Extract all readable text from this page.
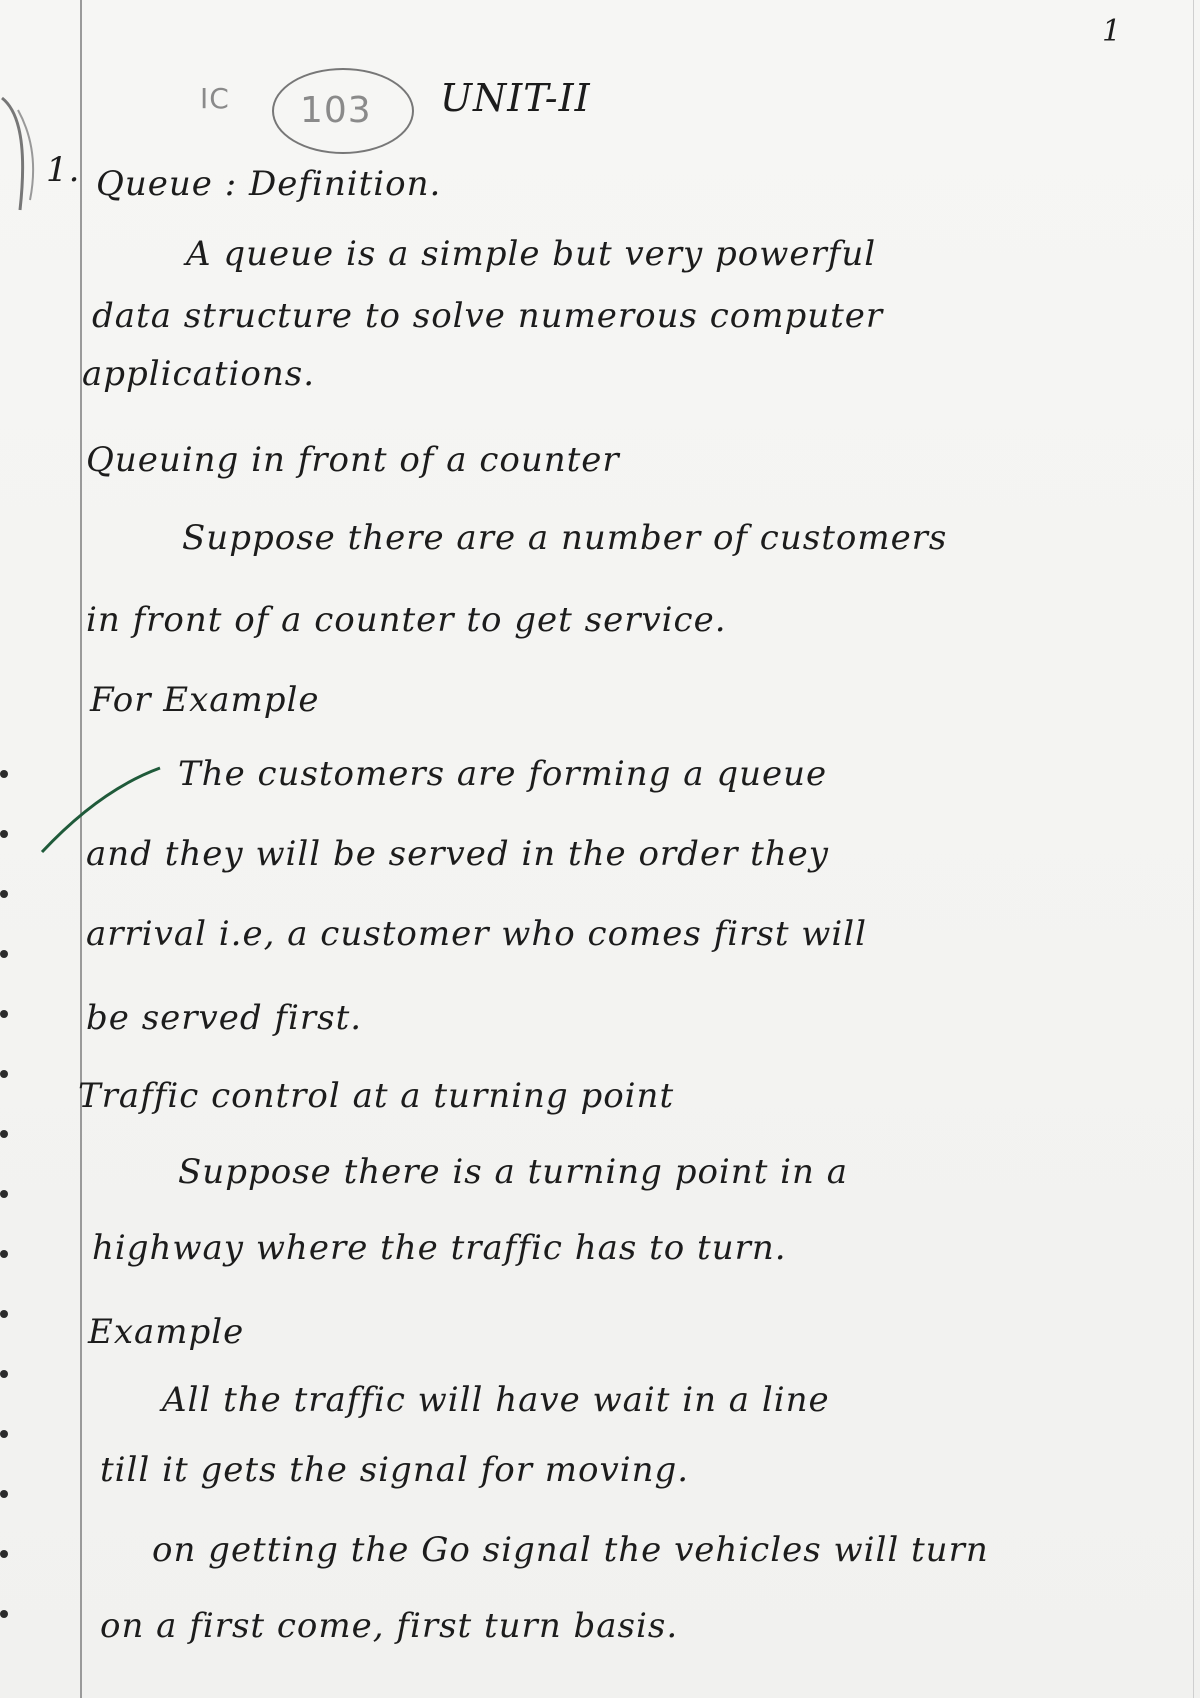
1
IC 103 UNIT-II
1. Queue : Definition.
A queue is a simple but very powerful
data structure to solve numerous computer
applications.
Queuing in front of a counter
Suppose there are a number of customers
in front of a counter to get service.
For Example
The customers are forming a queue
and they will be served in the order they
arrival i.e, a customer who comes first will
be served first.
Traffic control at a turning point
Suppose there is a turning point in a
highway where the traffic has to turn.
Example
All the traffic will have wait in a line
till it gets the signal for moving.
on getting the Go signal the vehicles will turn
on a first come, first turn basis.
